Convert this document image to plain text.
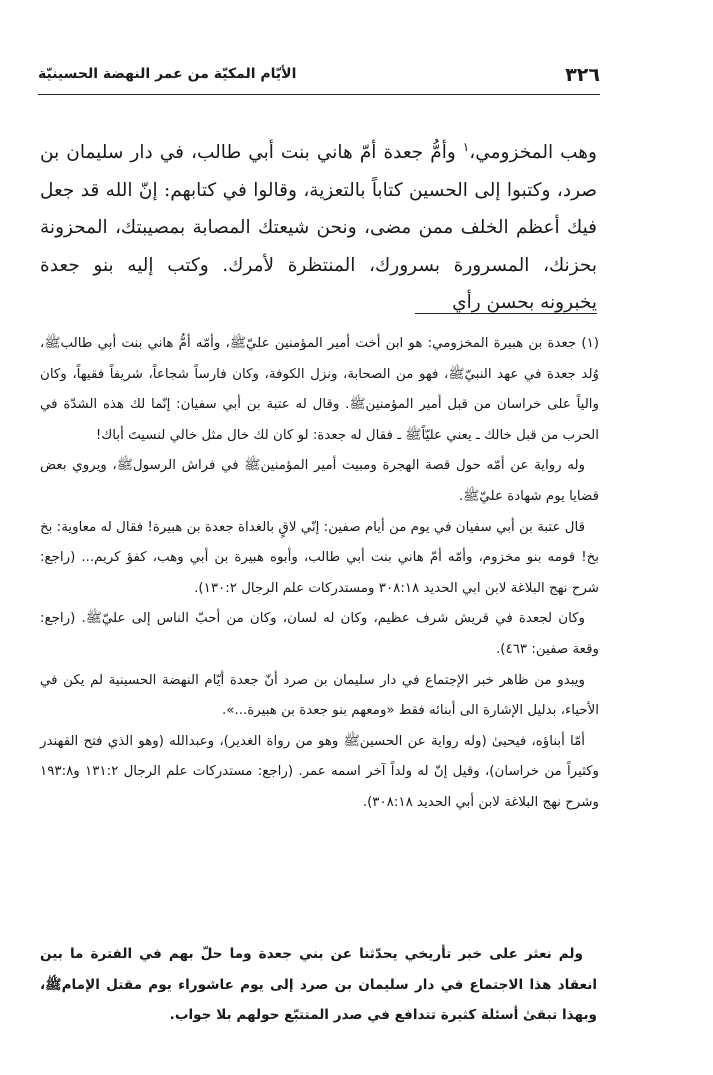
٣٢٦
الأيّام المكيّة من عمر النهضة الحسينيّة
وهب المخزومي،$^١$ وأمُّ جعدة أمّ هاني بنت أبي طالب، في دار سليمان بن صرد، وكتبوا إلى الحسين كتاباً بالتعزية، وقالوا في كتابهم: إنّ الله قد جعل فيك أعظم الخلف ممن مضى، ونحن شيعتك المصابة بمصيبتك، المحزونة بحزنك، المسرورة بسرورك، المنتظرة لأمرك. وكتب إليه بنو جعدة يخبرونه بحسن رأي

(١) جعدة بن هبيرة المخزومي: هو ابن أخت أمير المؤمنين عليّﷺ، وأمّه أمُّ هاني بنت أبي طالبﷺ، وُلد جعدة في عهد النبيّﷺ، فهو من الصحابة، ونزل الكوفة، وكان فارساً شجاعاً، شريفاً فقيهاً، وكان والياً على خراسان من قبل أمير المؤمنينﷺ. وقال له عتبة بن أبي سفيان: إنّما لك هذه الشدّة في الحرب من قبل خالك ـ يعني عليّاًﷺ ـ فقال له جعدة: لو كان لك خال مثل خالي لنسيتَ أباك!

وله رواية عن أمّه حول قصة الهجرة ومبيت أمير المؤمنينﷺ في فراش الرسولﷺ، ويروي بعض قضايا يوم شهادة عليّﷺ.

قال عتبة بن أبي سفيان في يوم من أيام صفين: إنّي لاقٍ بالغداة جعدة بن هبيرة! فقال له معاوية: بخ بخ! قومه بنو مخزوم، وأمّه أمّ هاني بنت أبي طالب، وأبوه هبيرة بن أبي وهب، كفؤ كريم... (راجع: شرح نهج البلاغة لابن ابي الحديد ٣٠٨:١٨ ومستدركات علم الرجال ١٣٠:٢).

وكان لجعدة في قريش شرف عظيم، وكان له لسان، وكان من أحبّ الناس إلى عليّﷺ. (راجع: وقعة صفين: ٤٦٣).

ويبدو من ظاهر خبر الإجتماع في دار سليمان بن صرد أنّ جعدة أيّام النهضة الحسينية لم يكن في الأحياء، بدليل الإشارة الى أبنائه فقط «ومعهم بنو جعدة بن هبيرة...».

أمّا أبناؤه، فيحيىٰ (وله رواية عن الحسينﷺ وهو من رواة الغدير)، وعبدالله (وهو الذي فتح القهندر وكثيراً من خراسان)، وقيل إنّ له ولداً آخر اسمه عمر. (راجع: مستدركات علم الرجال ١٣١:٢ و١٩٣:٨ وشرح نهج البلاغة لابن أبي الحديد ٣٠٨:١٨).

ولم نعثر على خبر تأريخي يحدّثنا عن بني جعدة وما حلّ بهم في الفترة ما بين انعقاد هذا الاجتماع في دار سليمان بن صرد إلى يوم عاشوراء يوم مقتل الإمامﷺ، وبهذا تبقىٰ أسئلة كثيرة تتدافع في صدر المتتبّع حولهم بلا جواب.
